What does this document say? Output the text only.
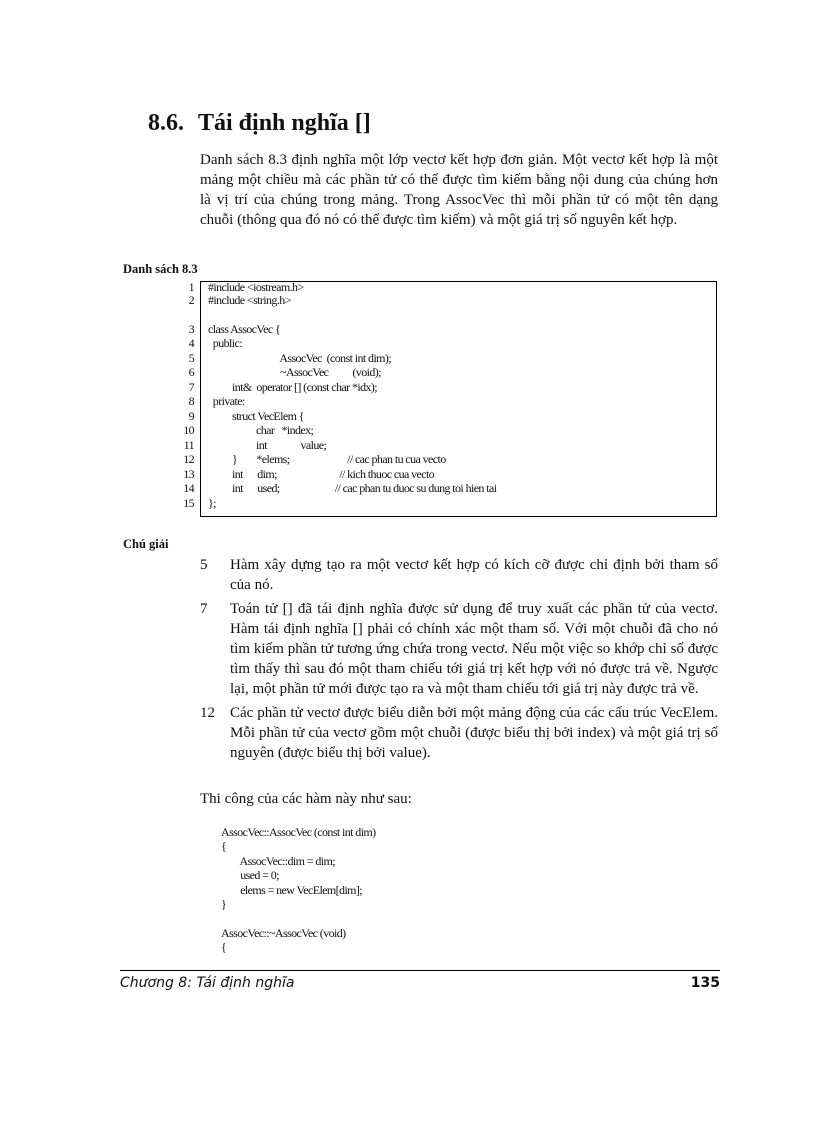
8.6. Tái định nghĩa []

Danh sách 8.3 định nghĩa một lớp vectơ kết hợp đơn giản. Một vectơ kết hợp là một mảng một chiều mà các phần tử có thể được tìm kiếm bằng nội dung của chúng hơn là vị trí của chúng trong mảng. Trong AssocVec thì mỗi phần tử có một tên dạng chuỗi (thông qua đó nó có thể được tìm kiếm) và một giá trị số nguyên kết hợp.

Danh sách 8.3
1 #include <iostream.h>
2 #include <string.h>
3 class AssocVec {
4 public:
5 AssocVec  (const int dim);
6 ~AssocVec          (void);
7 int&  operator [] (const char *idx);
8 private:
9 struct VecElem {
10 char   *index;
11 int              value;
12 }        *elems;                        // cac phan tu cua vecto
13 int      dim;                          // kich thuoc cua vecto
14 int      used;                       // cac phan tu duoc su dung toi hien tai
15 };
Chú giải
5	Hàm xây dựng tạo ra một vectơ kết hợp có kích cỡ được chỉ định bởi tham số của nó.
7	Toán tử [] đã tái định nghĩa được sử dụng để truy xuất các phần tử của vectơ. Hàm tái định nghĩa [] phải có chính xác một tham số. Với một chuỗi đã cho nó tìm kiếm phần tử tương ứng chứa trong vectơ. Nếu một việc so khớp chỉ số được tìm thấy thì sau đó một tham chiếu tới giá trị kết hợp với nó được trả về. Ngược lại, một phần tử mới được tạo ra và một tham chiếu tới giá trị này được trả về.
12	Các phần tử vectơ được biểu diễn bởi một mảng động của các cấu trúc VecElem. Mỗi phần tử của vectơ gồm một chuỗi (được biểu thị bởi index) và một giá trị số nguyên (được biểu thị bởi value).
Thi công của các hàm này như sau:
AssocVec::AssocVec (const int dim)
{
AssocVec::dim = dim;
used = 0;
elems = new VecElem[dim];
}
AssocVec::~AssocVec (void)
{
Chương 8: Tái định nghĩa	135
